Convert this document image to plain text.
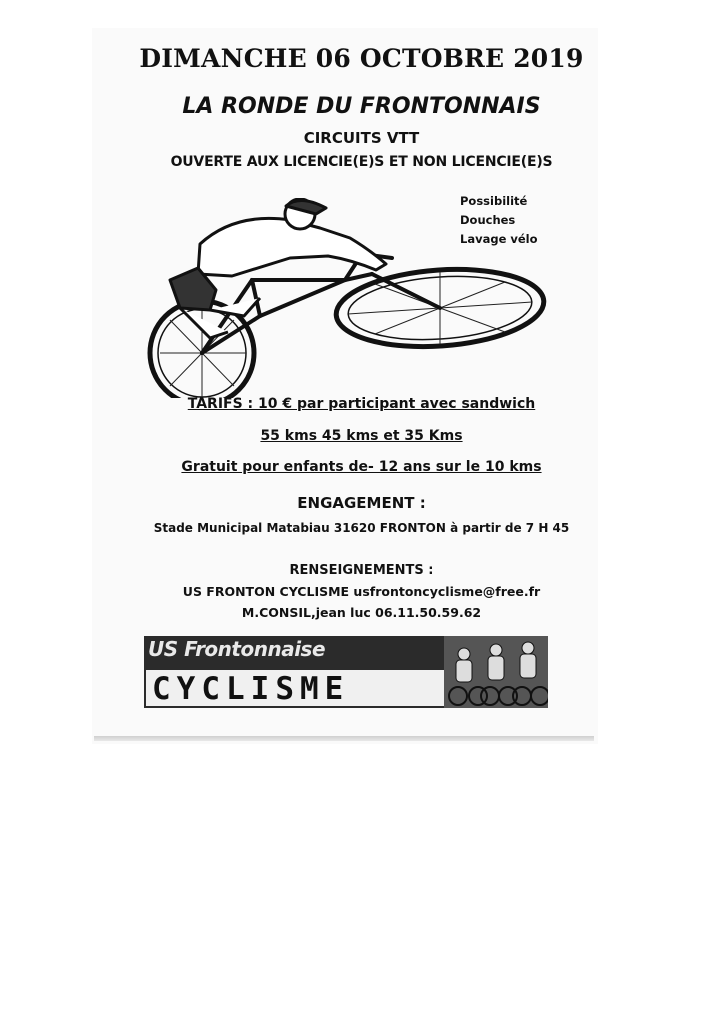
DIMANCHE 06 OCTOBRE 2019
LA RONDE DU FRONTONNAIS
CIRCUITS VTT
OUVERTE AUX LICENCIE(E)S ET NON LICENCIE(E)S
Possibilité
Douches
Lavage vélo
TARIFS : 10 € par participant avec sandwich
55 kms 45 kms et 35 Kms
Gratuit pour enfants de- 12 ans sur le 10 kms
ENGAGEMENT :
Stade Municipal Matabiau 31620 FRONTON à partir de 7 H 45
RENSEIGNEMENTS :
US FRONTON CYCLISME usfrontoncyclisme@free.fr
M.CONSIL,jean luc 06.11.50.59.62
US Frontonnaise
CYCLISME
